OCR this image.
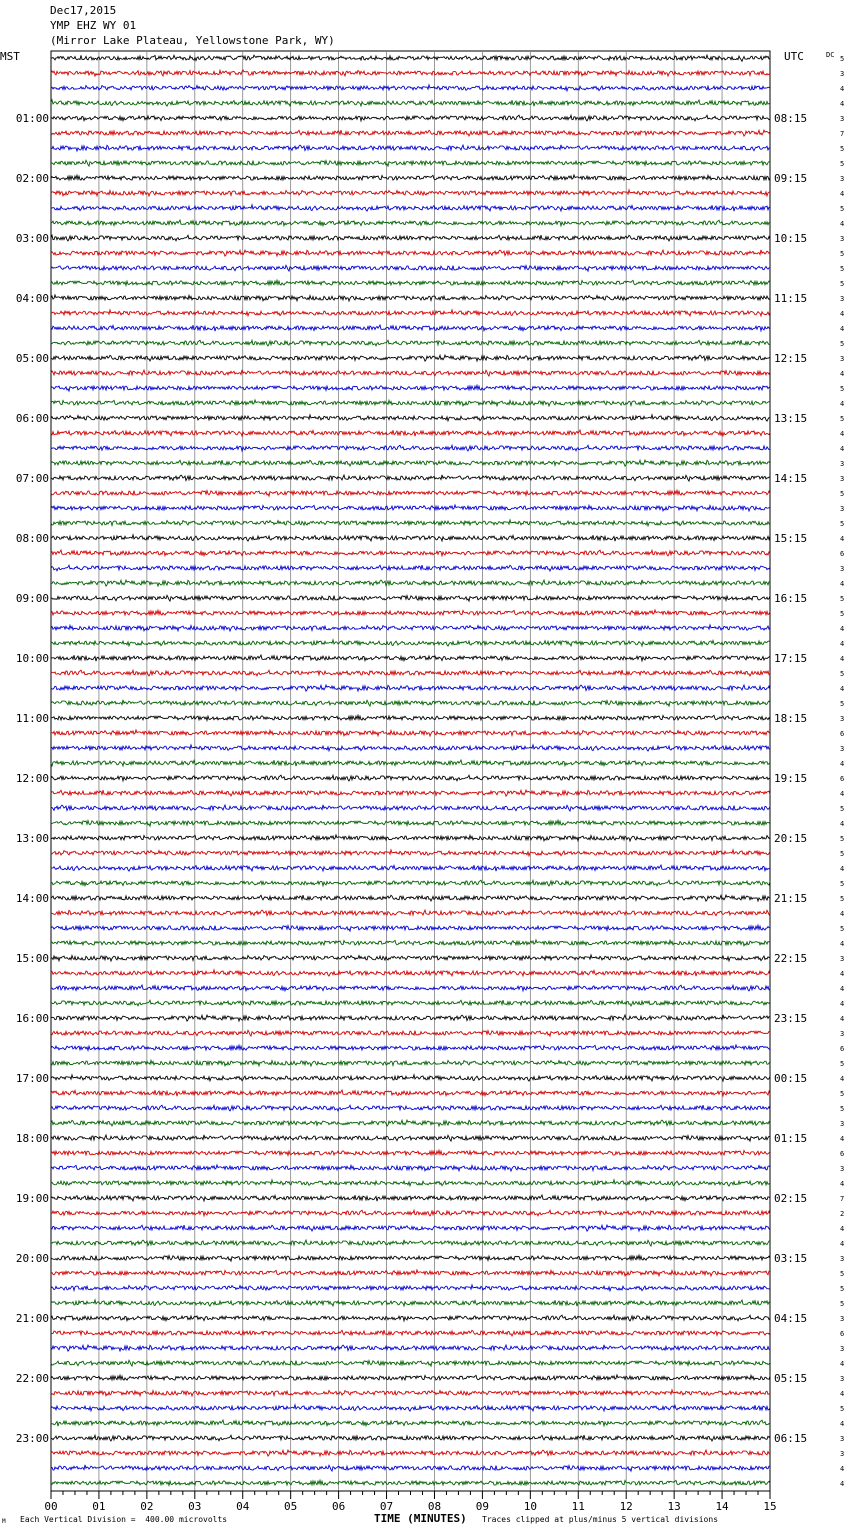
Dec17,2015
YMP EHZ WY 01
(Mirror Lake Plateau, Yellowstone Park, WY)
MST	UTC	DC 5
3
4
4
3
7
5
5
3
4
5
4
3
5
5
5
3
4
4
5
3
4
5
4
5
4
4
3
3
5
3
5
4
6
3
4
5
5
4
4
4
5
4
5
3
6
3
4
6
4
5
4
5
5
4
5
5
4
5
4
3
4
4
4
4
3
6
5
4
5
5
3
4
6
3
4
7
2
4
4
3
5
5
5
3
6
3
4
3
4
5
4
3
3
4
4
01:00
02:00
03:00
04:00
05:00
06:00
07:00
08:00
09:00
10:00
11:00
12:00
13:00
14:00
15:00
16:00
17:00
18:00
19:00
20:00
21:00
22:00
23:00
08:15
09:15
10:15
11:15
12:15
13:15
14:15
15:15
16:15
17:15
18:15
19:15
20:15
21:15
22:15
23:15
00:15
01:15
02:15
03:15
04:15
05:15
06:15
00	01	02	03	04	05	06	07	08	09	10	11	12	13	14	15
M Each Vertical Division =  400.00 microvolts	TIME (MINUTES) Traces clipped at plus/minus 5 vertical divisions
